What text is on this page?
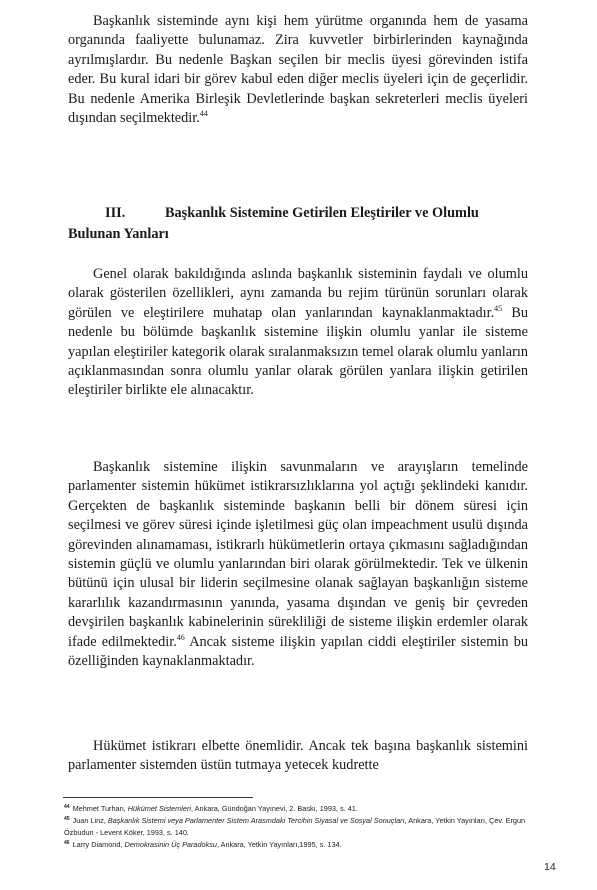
Başkanlık sisteminde aynı kişi hem yürütme organında hem de yasama organında faaliyette bulunamaz. Zira kuvvetler birbirlerinden kaynağında ayrılmışlardır. Bu nedenle Başkan seçilen bir meclis üyesi görevinden istifa eder. Bu kural idari bir görev kabul eden diğer meclis üyeleri için de geçerlidir. Bu nedenle Amerika Birleşik Devletlerinde başkan sekreterleri meclis üyeleri dışından seçilmektedir.$^{44}$

III.	Başkanlık Sistemine Getirilen Eleştiriler ve Olumlu Bulunan Yanları

Genel olarak bakıldığında aslında başkanlık sisteminin faydalı ve olumlu olarak gösterilen özellikleri, aynı zamanda bu rejim türünün sorunları olarak görülen ve eleştirilere muhatap olan yanlarından kaynaklanmaktadır.$^{45}$ Bu nedenle bu bölümde başkanlık sistemine ilişkin olumlu yanlar ile sisteme yapılan eleştiriler kategorik olarak sıralanmaksızın temel olarak olumlu yanların açıklanmasından sonra olumlu yanlar olarak görülen yanlara ilişkin getirilen eleştiriler birlikte ele alınacaktır.

Başkanlık sistemine ilişkin savunmaların ve arayışların temelinde parlamenter sistemin hükümet istikrarsızlıklarına yol açtığı şeklindeki kanıdır. Gerçekten de başkanlık sisteminde başkanın belli bir dönem süresi için seçilmesi ve görev süresi içinde işletilmesi güç olan impeachment usulü dışında görevinden alınamaması, istikrarlı hükümetlerin ortaya çıkmasını sağladığından sistemin güçlü ve olumlu yanlarından biri olarak görülmektedir. Tek ve ülkenin bütünü için ulusal bir liderin seçilmesine olanak sağlayan başkanlığın sisteme kararlılık kazandırmasının yanında, yasama dışından ve geniş bir çevreden devşirilen başkanlık kabinelerinin sürekliliği de sisteme ilişkin erdemler olarak ifade edilmektedir.$^{46}$ Ancak sisteme ilişkin yapılan ciddi eleştiriler sistemin bu özelliğinden kaynaklanmaktadır.

Hükümet istikrarı elbette önemlidir. Ancak tek başına başkanlık sistemini parlamenter sistemden üstün tutmaya yetecek kudrette

$^{44}$ Mehmet Turhan, Hükümet Sistemleri, Ankara, Gündoğan Yayınevi, 2. Baskı, 1993, s. 41.

$^{45}$ Juan Linz, Başkanlık Sistemi veya Parlamenter Sistem Arasındaki Tercihin Siyasal ve Sosyal Sonuçları, Ankara, Yetkin Yayınları, Çev. Ergun Özbudun - Levent Köker, 1993, s. 140.

$^{46}$ Larry Diamond, Demokrasinin Üç Paradoksu, Ankara, Yetkin Yayınları,1995, s. 134.

14
